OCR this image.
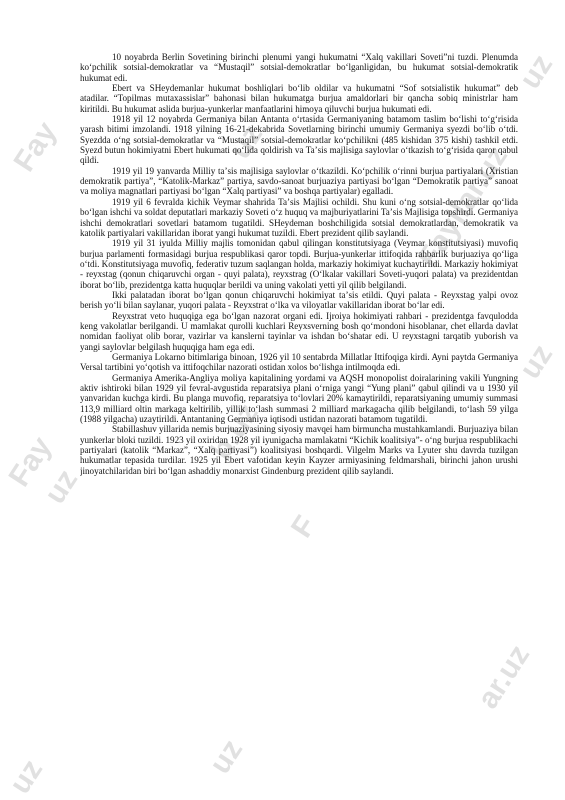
uz
Fay	uz	Fayllar.uz
uz
Fay	b.uz
F
ar.uz
uz	uz
uz

10 noyabrda Berlin Sovetining birinchi plenumi yangi hukumatni “Xalq vakillari Soveti”ni tuzdi. Plenumda koʻpchilik sotsial-demokratlar va “Mustaqil” sotsial-demokratlar boʻlganligidan, bu hukumat sotsial-demokratik hukumat edi.

Ebert va SHeydemanlar hukumat boshliqlari boʻlib oldilar va hukumatni “Sof sotsialistik hukumat” deb atadilar. “Topilmas mutaxassislar” bahonasi bilan hukumatga burjua amaldorlari bir qancha sobiq ministrlar ham kiritildi. Bu hukumat aslida burjua-yunkerlar manfaatlarini himoya qiluvchi burjua hukumati edi.

1918 yil 12 noyabrda Germaniya bilan Antanta oʻrtasida Germaniyaning batamom taslim boʻlishi toʻgʻrisida yarash bitimi imzolandi. 1918 yilning 16-21-dekabrida Sovetlarning birinchi umumiy Germaniya syezdi boʻlib oʻtdi. Syezdda oʻng sotsial-demokratlar va “Mustaqil” sotsial-demokratlar koʻpchilikni (485 kishidan 375 kishi) tashkil etdi. Syezd butun hokimiyatni Ebert hukumati qoʻlida qoldirish va Taʼsis majlisiga saylovlar oʻtkazish toʻgʻrisida qaror qabul qildi.

1919 yil 19 yanvarda Milliy taʼsis majlisiga saylovlar oʻtkazildi. Koʻpchilik oʻrinni burjua partiyalari (Xristian demokratik partiya”, “Katolik-Markaz” partiya, savdo-sanoat burjuaziya partiyasi boʻlgan “Demokratik partiya” sanoat va moliya magnatlari partiyasi boʻlgan “Xalq partiyasi” va boshqa partiyalar) egalladi.

1919 yil 6 fevralda kichik Veymar shahrida Taʼsis Majlisi ochildi. Shu kuni oʻng sotsial-demokratlar qoʻlida boʻlgan ishchi va soldat deputatlari markaziy Soveti oʻz huquq va majburiyatlarini Taʼsis Majlisiga topshirdi. Germaniya ishchi demokratlari sovetlari batamom tugatildi. SHeydeman boshchiligida sotsial demokratlardan, demokratik va katolik partiyalari vakillaridan iborat yangi hukumat tuzildi. Ebert prezident qilib saylandi.

1919 yil 31 iyulda Milliy majlis tomonidan qabul qilingan konstitutsiyaga (Veymar konstitutsiyasi) muvofiq burjua parlamenti formasidagi burjua respublikasi qaror topdi. Burjua-yunkerlar ittifoqida rahbarlik burjuaziya qoʻliga oʻtdi. Konstitutsiyaga muvofiq, federativ tuzum saqlangan holda, markaziy hokimiyat kuchaytirildi. Markaziy hokimiyat - reyxstag (qonun chiqaruvchi organ - quyi palata), reyxstrag (Oʻlkalar vakillari Soveti-yuqori palata) va prezidentdan iborat boʻlib, prezidentga katta huquqlar berildi va uning vakolati yetti yil qilib belgilandi.

Ikki palatadan iborat boʻlgan qonun chiqaruvchi hokimiyat taʼsis etildi. Quyi palata - Reyxstag yalpi ovoz berish yoʻli bilan saylanar, yuqori palata - Reyxstrat oʻlka va viloyatlar vakillaridan iborat boʻlar edi.

Reyxstrat veto huquqiga ega boʻlgan nazorat organi edi. Ijroiya hokimiyati rahbari - prezidentga favqulodda keng vakolatlar berilgandi. U mamlakat qurolli kuchlari Reyxsverning bosh qoʻmondoni hisoblanar, chet ellarda davlat nomidan faoliyat olib borar, vazirlar va kanslerni tayinlar va ishdan boʻshatar edi. U reyxstagni tarqatib yuborish va yangi saylovlar belgilash huquqiga ham ega edi.

Germaniya Lokarno bitimlariga binoan, 1926 yil 10 sentabrda Millatlar Ittifoqiga kirdi. Ayni paytda Germaniya Versal tartibini yoʻqotish va ittifoqchilar nazorati ostidan xolos boʻlishga intilmoqda edi.

Germaniya Amerika-Angliya moliya kapitalining yordami va AQSH monopolist doiralarining vakili Yungning aktiv ishtiroki bilan 1929 yil fevral-avgustida reparatsiya plani oʻrniga yangi “Yung plani” qabul qilindi va u 1930 yil yanvaridan kuchga kirdi. Bu planga muvofiq, reparatsiya toʻlovlari 20% kamaytirildi, reparatsiyaning umumiy summasi 113,9 milliard oltin markaga keltirilib, yillik toʻlash summasi 2 milliard markagacha qilib belgilandi, toʻlash 59 yilga (1988 yilgacha) uzaytirildi. Antantaning Germaniya iqtisodi ustidan nazorati batamom tugatildi.

Stabillashuv yillarida nemis burjuaziyasining siyosiy mavqei ham birmuncha mustahkamlandi. Burjuaziya bilan yunkerlar bloki tuzildi. 1923 yil oxiridan 1928 yil iyunigacha mamlakatni “Kichik koalitsiya”- oʻng burjua respublikachi partiyalari (katolik “Markaz”, “Xalq partiyasi”) koalitsiyasi boshqardi. Vilgelm Marks va Lyuter shu davrda tuzilgan hukumatlar tepasida turdilar. 1925 yil Ebert vafotidan keyin Kayzer armiyasining feldmarshali, birinchi jahon urushi jinoyatchilaridan biri boʻlgan ashaddiy monarxist Gindenburg prezident qilib saylandi.
